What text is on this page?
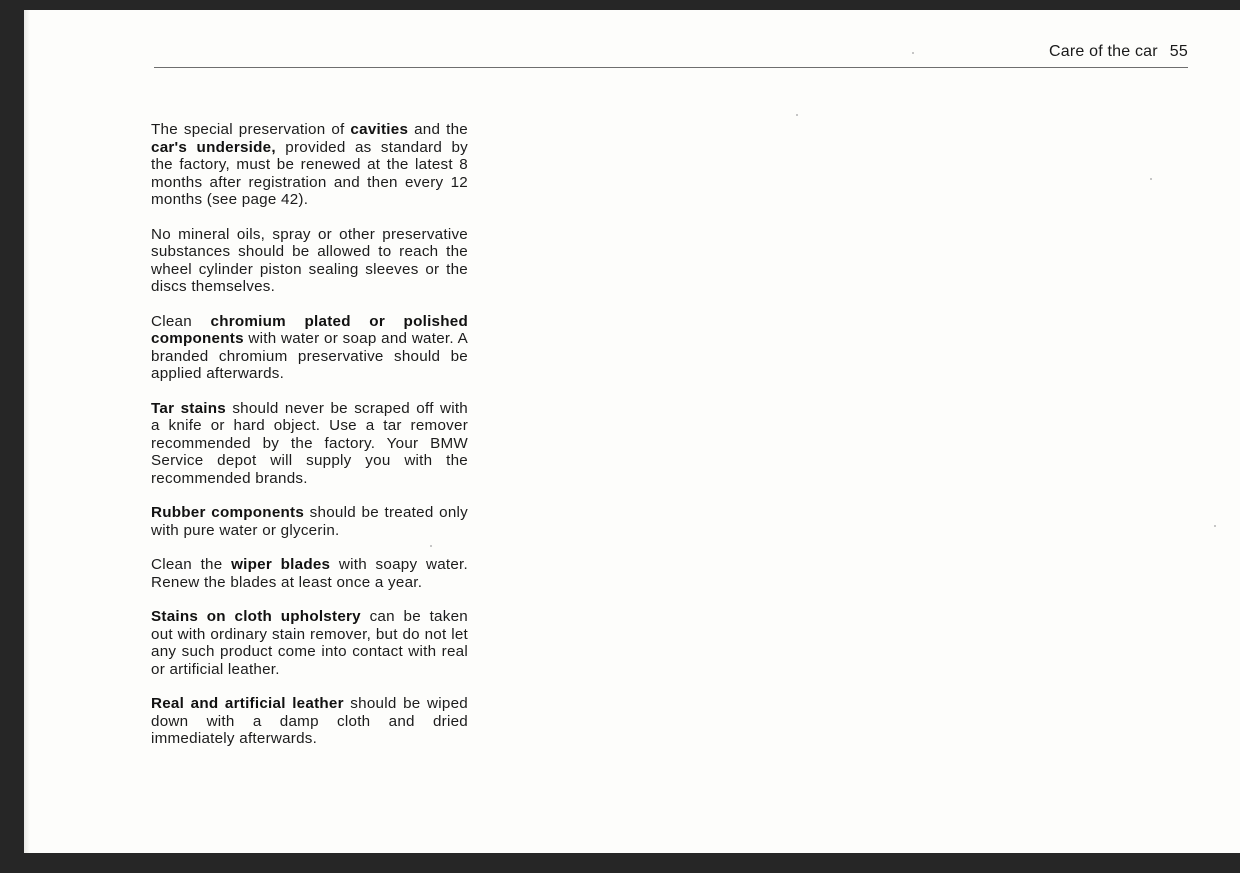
Care of the car 55

The special preservation of cavities and the car's underside, provided as standard by the factory, must be renewed at the latest 8 months after registration and then every 12 months (see page 42).

No mineral oils, spray or other preservative substances should be allowed to reach the wheel cylinder piston sealing sleeves or the discs themselves.

Clean chromium plated or polished components with water or soap and water. A branded chromium preservative should be applied afterwards.

Tar stains should never be scraped off with a knife or hard object. Use a tar remover recommended by the factory. Your BMW Service depot will supply you with the recommended brands.

Rubber components should be treated only with pure water or glycerin.

Clean the wiper blades with soapy water. Renew the blades at least once a year.

Stains on cloth upholstery can be taken out with ordinary stain remover, but do not let any such product come into contact with real or artificial leather.

Real and artificial leather should be wiped down with a damp cloth and dried immediately afterwards.
